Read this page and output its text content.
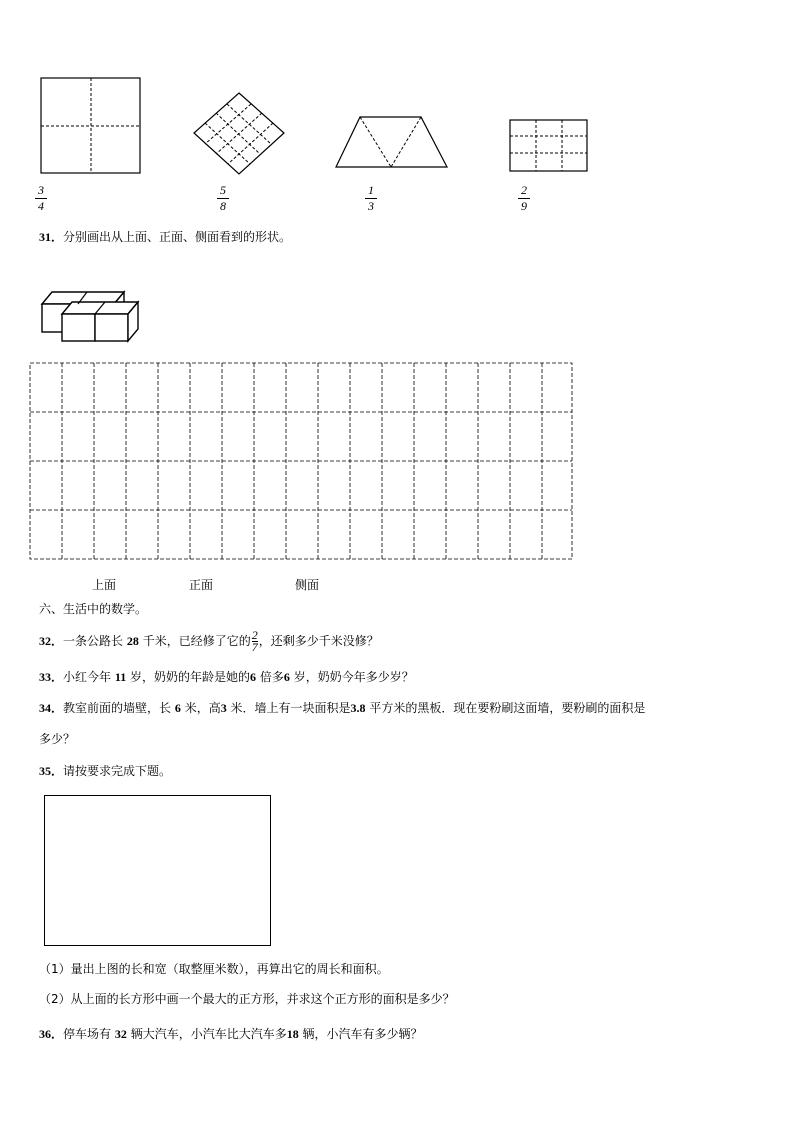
3
4
5
8
1
3
2
9
31．分别画出从上面、正面、侧面看到的形状。
上面	正面	侧面
六、生活中的数学。
32．一条公路长 28 千米，已经修了它的$\frac{2}{7}$，还剩多少千米没修？
33．小红今年 11 岁，奶奶的年龄是她的6 倍多6 岁，奶奶今年多少岁？
34．教室前面的墙壁，长 6 米，高3 米．墙上有一块面积是3.8 平方米的黑板．现在要粉刷这面墙，要粉刷的面积是
多少？
35．请按要求完成下题。
（1）量出上图的长和宽（取整厘米数），再算出它的周长和面积。
（2）从上面的长方形中画一个最大的正方形，并求这个正方形的面积是多少？
36．停车场有 32 辆大汽车，小汽车比大汽车多18 辆，小汽车有多少辆？
